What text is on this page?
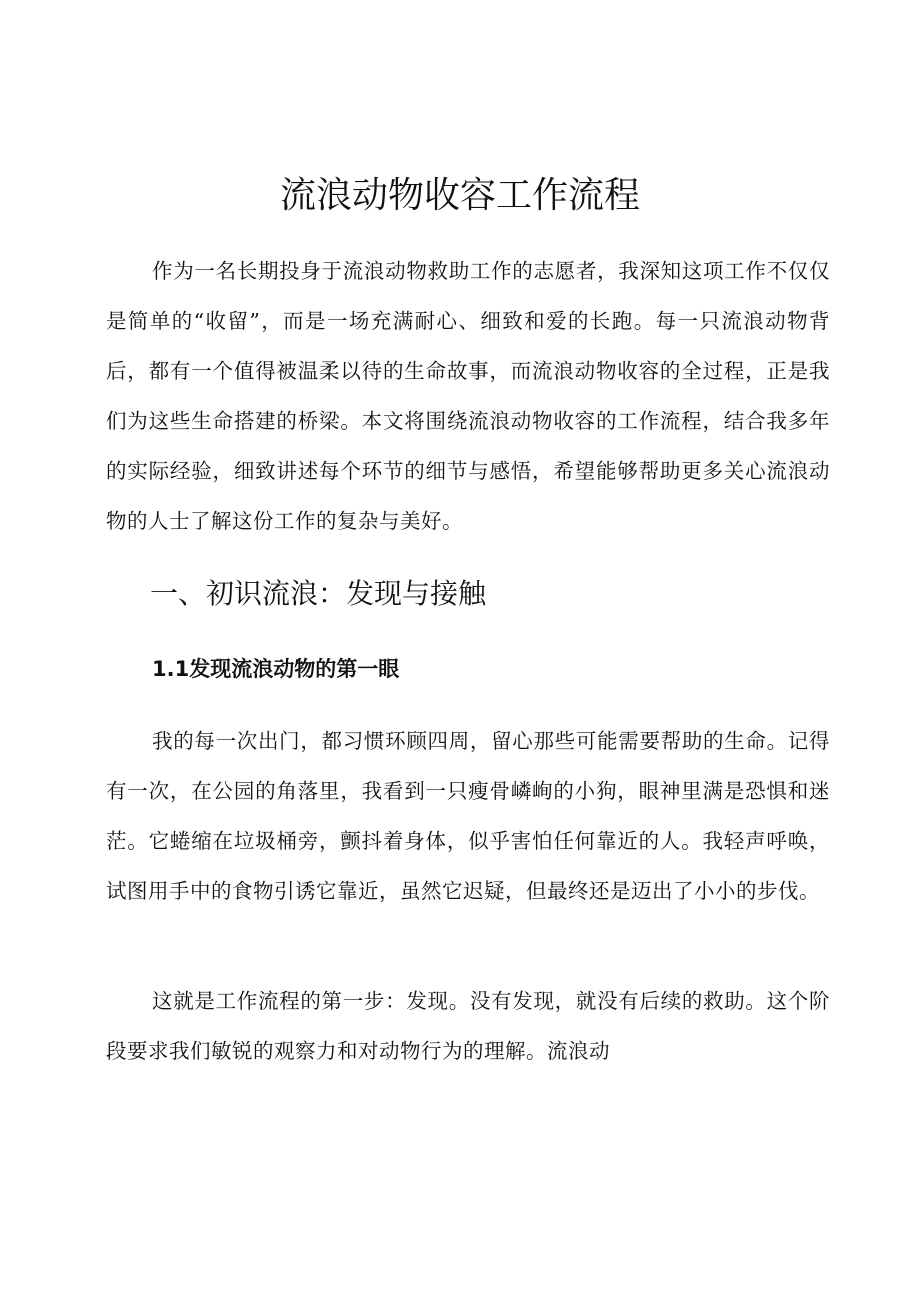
流浪动物收容工作流程

作为一名长期投身于流浪动物救助工作的志愿者，我深知这项工作不仅仅是简单的“收留”，而是一场充满耐心、细致和爱的长跑。每一只流浪动物背后，都有一个值得被温柔以待的生命故事，而流浪动物收容的全过程，正是我们为这些生命搭建的桥梁。本文将围绕流浪动物收容的工作流程，结合我多年的实际经验，细致讲述每个环节的细节与感悟，希望能够帮助更多关心流浪动物的人士了解这份工作的复杂与美好。

一、初识流浪：发现与接触
1.1发现流浪动物的第一眼

我的每一次出门，都习惯环顾四周，留心那些可能需要帮助的生命。记得有一次，在公园的角落里，我看到一只瘦骨嶙峋的小狗，眼神里满是恐惧和迷茫。它蜷缩在垃圾桶旁，颤抖着身体，似乎害怕任何靠近的人。我轻声呼唤，试图用手中的食物引诱它靠近，虽然它迟疑，但最终还是迈出了小小的步伐。

这就是工作流程的第一步：发现。没有发现，就没有后续的救助。这个阶段要求我们敏锐的观察力和对动物行为的理解。流浪动
